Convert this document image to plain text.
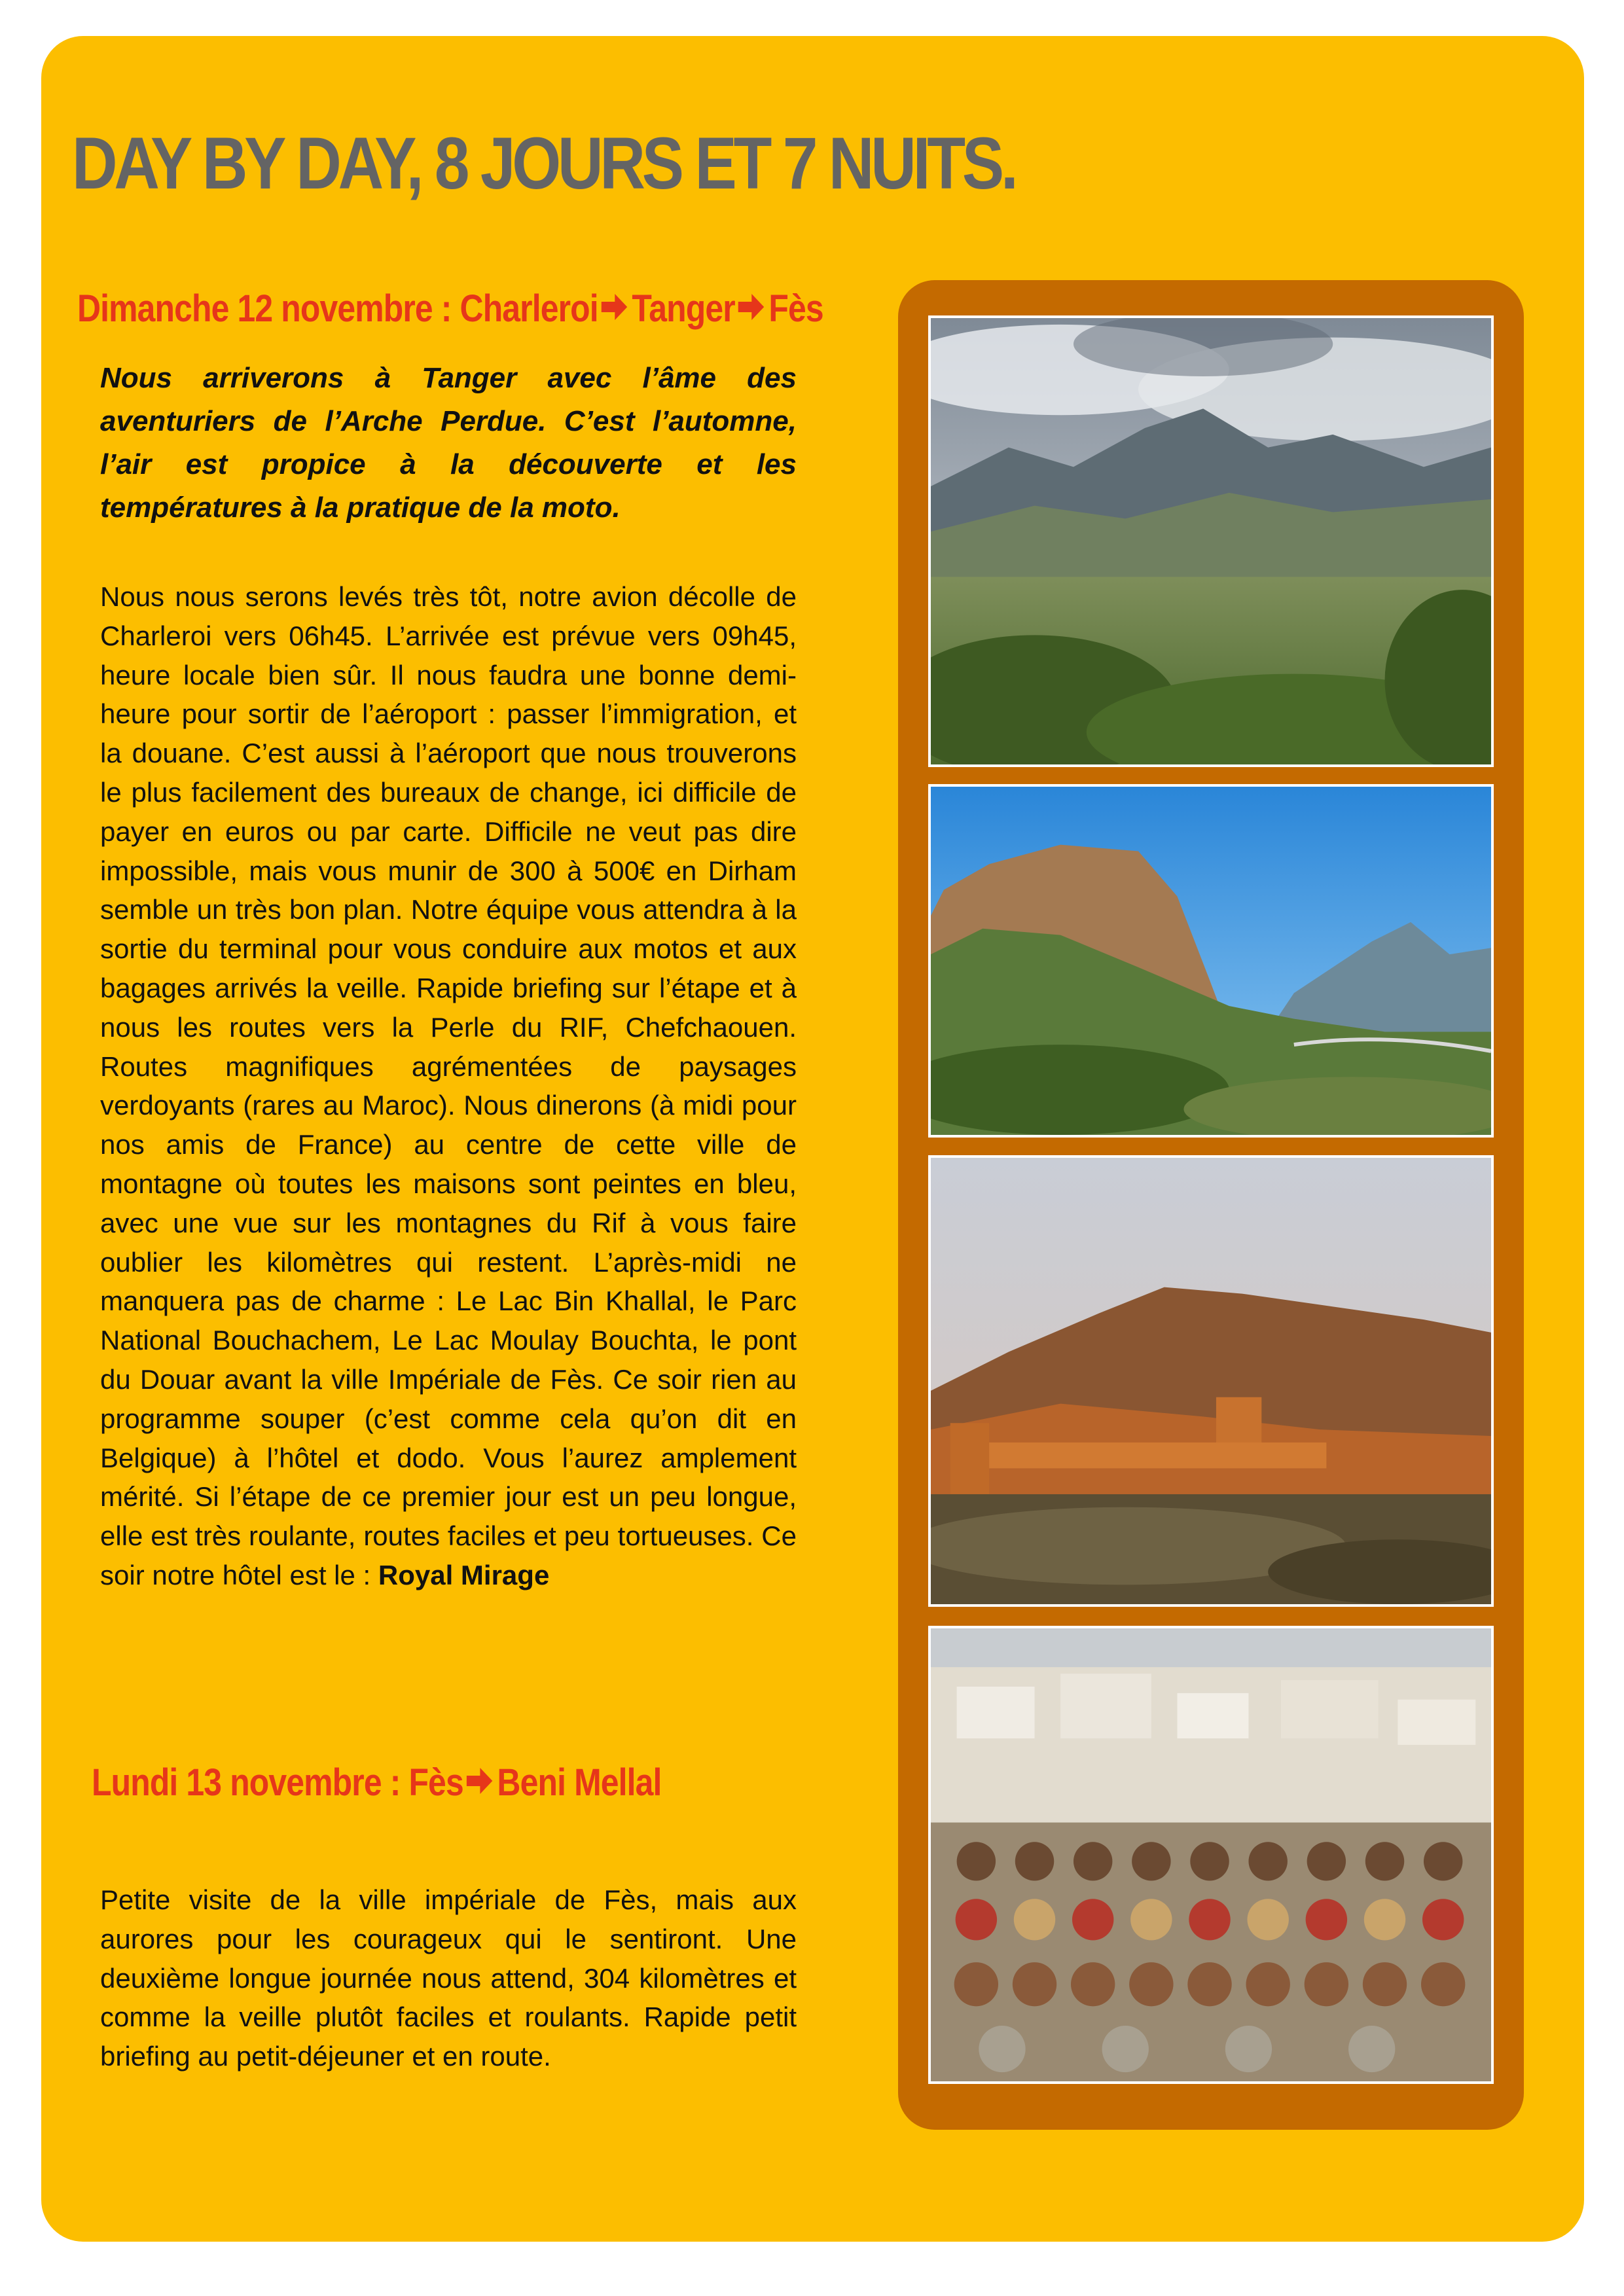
DAY BY DAY, 8 JOURS ET 7 NUITS.
Dimanche 12 novembre : Charleroi Tanger Fès

Nous arriverons à Tanger avec l’âme des aventuriers de l’Arche Perdue. C’est l’automne, l’air est propice à la découverte et les températures à la pratique de la moto.

Nous nous serons levés très tôt, notre avion décolle de Charleroi vers 06h45. L’arrivée est prévue vers 09h45, heure locale bien sûr. Il nous faudra une bonne demi-heure pour sortir de l’aéroport : passer l’immigration, et la douane. C’est aussi à l’aéroport que nous trouverons le plus facilement des bureaux de change, ici difficile de payer en euros ou par carte. Difficile ne veut pas dire impossible, mais vous munir de 300 à 500€ en Dirham semble un très bon plan. Notre équipe vous attendra à la sortie du terminal pour vous conduire aux motos et aux bagages arrivés la veille. Rapide briefing sur l’étape et à nous les routes vers la Perle du RIF, Chefchaouen. Routes magnifiques agrémentées de paysages verdoyants (rares au Maroc). Nous dinerons (à midi pour nos amis de France) au centre de cette ville de montagne où toutes les maisons sont peintes en bleu, avec une vue sur les montagnes du Rif à vous faire oublier les kilomètres qui restent. L’après-midi ne manquera pas de charme : Le Lac Bin Khallal, le Parc National Bouchachem, Le Lac Moulay Bouchta, le pont du Douar avant la ville Impériale de Fès. Ce soir rien au programme souper (c’est comme cela qu’on dit en Belgique) à l’hôtel et dodo. Vous l’aurez amplement mérité. Si l’étape de ce premier jour est un peu longue, elle est très roulante, routes faciles et peu tortueuses. Ce soir notre hôtel est le : Royal Mirage

Lundi 13 novembre : Fès Beni Mellal

Petite visite de la ville impériale de Fès, mais aux aurores pour les courageux qui le sentiront. Une deuxième longue journée nous attend, 304 kilomètres et comme la veille plutôt faciles et roulants. Rapide petit briefing au petit-déjeuner et en route.
